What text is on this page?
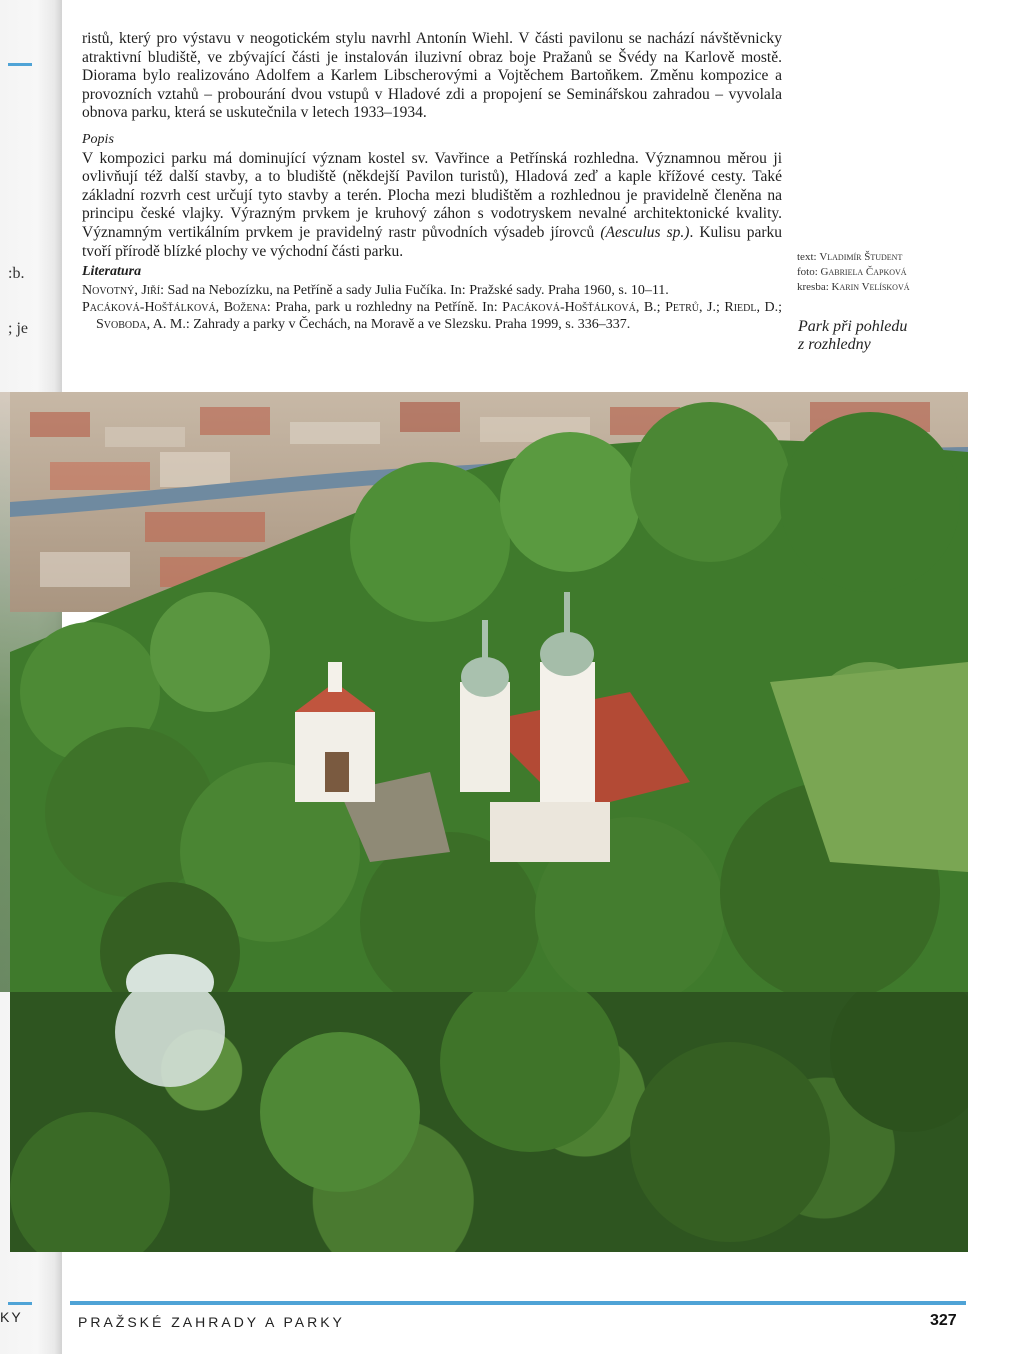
:b.
; je
KY

ristů, který pro výstavu v neogotickém stylu navrhl Antonín Wiehl. V části pavilonu se nachází návštěvnicky atraktivní bludiště, ve zbývající části je instalován iluzivní obraz boje Pražanů se Švédy na Karlově mostě. Diorama bylo realizováno Adolfem a Karlem Libscherovými a Vojtěchem Bartoňkem. Změnu kompozice a provozních vztahů – probourání dvou vstupů v Hladové zdi a propojení se Seminářskou zahradou – vyvolala obnova parku, která se uskutečnila v letech 1933–1934.

Popis

V kompozici parku má dominující význam kostel sv. Vavřince a Petřínská rozhledna. Významnou měrou ji ovlivňují též další stavby, a to bludiště (někdejší Pavilon turistů), Hladová zeď a kaple křížové cesty. Také základní rozvrh cest určují tyto stavby a terén. Plocha mezi bludištěm a rozhlednou je pravidelně členěna na principu české vlajky. Výrazným prvkem je kruhový záhon s vodotryskem nevalné architektonické kvality. Významným vertikálním prvkem je pravidelný rastr původních výsadeb jírovců (Aesculus sp.). Kulisu parku tvoří přírodě blízké plochy ve východní části parku.

Literatura

Novotný, Jiří: Sad na Nebozízku, na Petříně a sady Julia Fučíka. In: Pražské sady. Praha 1960, s. 10–11.

Pacáková-Hošťálková, Božena: Praha, park u rozhledny na Petříně. In: Pacáková-Hošťálková, B.; Petrů, J.; Riedl, D.; Svoboda, A. M.: Zahrady a parky v Čechách, na Moravě a ve Slezsku. Praha 1999, s. 336–337.

text: Vladimír Študent
foto: Gabriela Čapková
kresba: Karin Velísková
Park při pohledu
z rozhledny
PRAŽSKÉ ZAHRADY A PARKY	327
